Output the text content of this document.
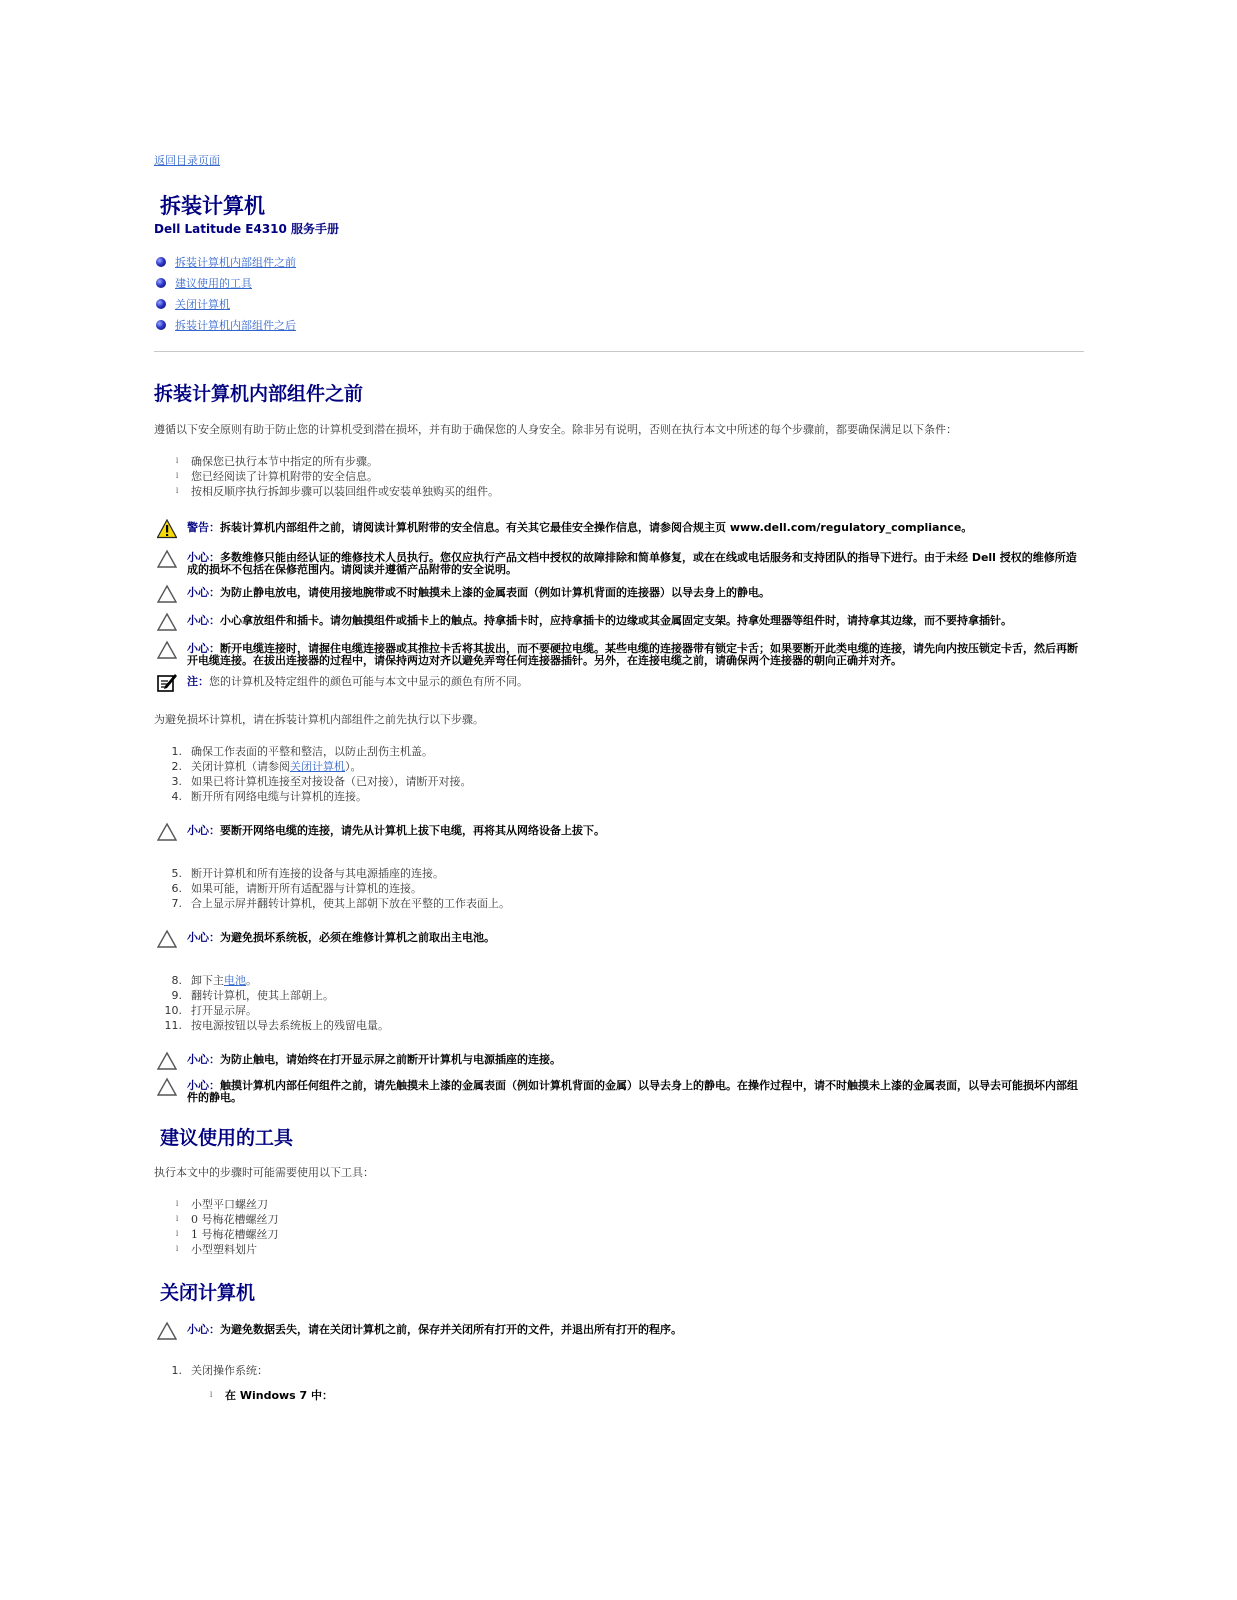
返回目录页面
拆装计算机
Dell Latitude E4310 服务手册
拆装计算机内部组件之前
建议使用的工具
关闭计算机
拆装计算机内部组件之后
拆装计算机内部组件之前

遵循以下安全原则有助于防止您的计算机受到潜在损坏，并有助于确保您的人身安全。除非另有说明，否则在执行本文中所述的每个步骤前，都要确保满足以下条件：

l	确保您已执行本节中指定的所有步骤。
l	您已经阅读了计算机附带的安全信息。
l	按相反顺序执行拆卸步骤可以装回组件或安装单独购买的组件。
警告：拆装计算机内部组件之前，请阅读计算机附带的安全信息。有关其它最佳安全操作信息，请参阅合规主页 www.dell.com/regulatory_compliance。
小心：多数维修只能由经认证的维修技术人员执行。您仅应执行产品文档中授权的故障排除和简单修复，或在在线或电话服务和支持团队的指导下进行。由于未经 Dell 授权的维修所造成的损坏不包括在保修范围内。请阅读并遵循产品附带的安全说明。
小心：为防止静电放电，请使用接地腕带或不时触摸未上漆的金属表面（例如计算机背面的连接器）以导去身上的静电。
小心：小心拿放组件和插卡。请勿触摸组件或插卡上的触点。持拿插卡时，应持拿插卡的边缘或其金属固定支架。持拿处理器等组件时，请持拿其边缘，而不要持拿插针。
小心：断开电缆连接时，请握住电缆连接器或其推拉卡舌将其拔出，而不要硬拉电缆。某些电缆的连接器带有锁定卡舌；如果要断开此类电缆的连接，请先向内按压锁定卡舌，然后再断开电缆连接。在拔出连接器的过程中，请保持两边对齐以避免弄弯任何连接器插针。另外，在连接电缆之前，请确保两个连接器的朝向正确并对齐。
注：您的计算机及特定组件的颜色可能与本文中显示的颜色有所不同。

为避免损坏计算机，请在拆装计算机内部组件之前先执行以下步骤。

1. 确保工作表面的平整和整洁，以防止刮伤主机盖。
2. 关闭计算机（请参阅关闭计算机）。
3. 如果已将计算机连接至对接设备（已对接），请断开对接。
4. 断开所有网络电缆与计算机的连接。
小心：要断开网络电缆的连接，请先从计算机上拔下电缆，再将其从网络设备上拔下。
5. 断开计算机和所有连接的设备与其电源插座的连接。
6. 如果可能，请断开所有适配器与计算机的连接。
7. 合上显示屏并翻转计算机，使其上部朝下放在平整的工作表面上。
小心：为避免损坏系统板，必须在维修计算机之前取出主电池。
8. 卸下主电池。
9. 翻转计算机，使其上部朝上。
10. 打开显示屏。
11. 按电源按钮以导去系统板上的残留电量。
小心：为防止触电，请始终在打开显示屏之前断开计算机与电源插座的连接。
小心：触摸计算机内部任何组件之前，请先触摸未上漆的金属表面（例如计算机背面的金属）以导去身上的静电。在操作过程中，请不时触摸未上漆的金属表面，以导去可能损坏内部组件的静电。
建议使用的工具

执行本文中的步骤时可能需要使用以下工具：

l	小型平口螺丝刀
l	0 号梅花槽螺丝刀
l	1 号梅花槽螺丝刀
l	小型塑料划片
关闭计算机
小心：为避免数据丢失，请在关闭计算机之前，保存并关闭所有打开的文件，并退出所有打开的程序。
1. 关闭操作系统：
l	在 Windows 7 中：
